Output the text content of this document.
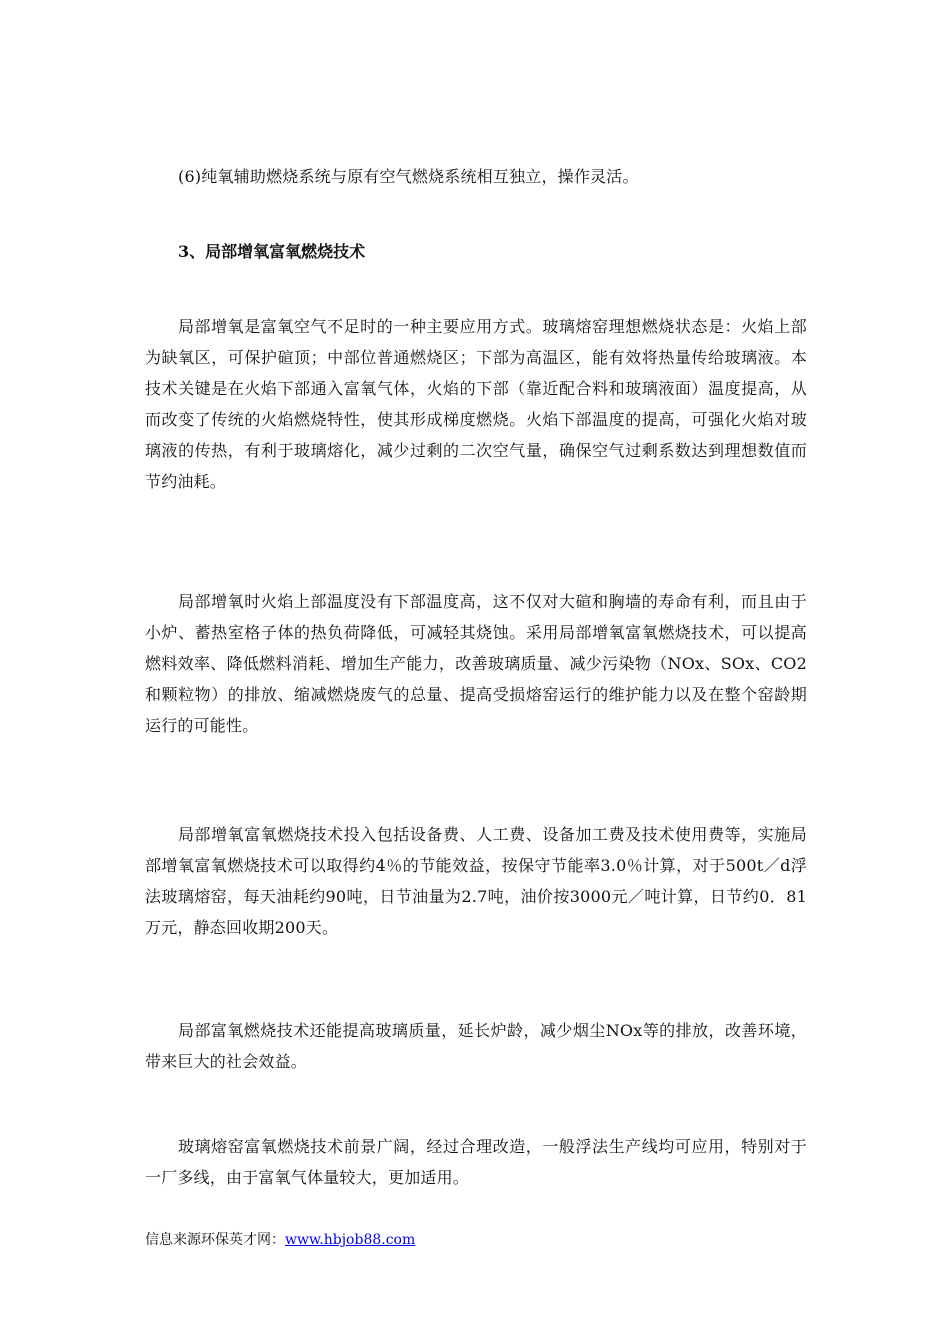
(6)纯氧辅助燃烧系统与原有空气燃烧系统相互独立，操作灵活。

3、局部增氧富氧燃烧技术

局部增氧是富氧空气不足时的一种主要应用方式。玻璃熔窑理想燃烧状态是：火焰上部为缺氧区，可保护碹顶；中部位普通燃烧区；下部为高温区，能有效将热量传给玻璃液。本技术关键是在火焰下部通入富氧气体，火焰的下部（靠近配合料和玻璃液面）温度提高，从而改变了传统的火焰燃烧特性，使其形成梯度燃烧。火焰下部温度的提高，可强化火焰对玻璃液的传热，有利于玻璃熔化，减少过剩的二次空气量，确保空气过剩系数达到理想数值而节约油耗。

局部增氧时火焰上部温度没有下部温度高，这不仅对大碹和胸墙的寿命有利，而且由于小炉、蓄热室格子体的热负荷降低，可减轻其烧蚀。采用局部增氧富氧燃烧技术，可以提高燃料效率、降低燃料消耗、增加生产能力，改善玻璃质量、减少污染物（NOx、SOx、CO2和颗粒物）的排放、缩减燃烧废气的总量、提高受损熔窑运行的维护能力以及在整个窑龄期运行的可能性。

局部增氧富氧燃烧技术投入包括设备费、人工费、设备加工费及技术使用费等，实施局部增氧富氧燃烧技术可以取得约4％的节能效益，按保守节能率3.0％计算，对于500t／d浮法玻璃熔窑，每天油耗约90吨，日节油量为2.7吨，油价按3000元／吨计算，日节约0．81万元，静态回收期200天。

局部富氧燃烧技术还能提高玻璃质量，延长炉龄，减少烟尘NOx等的排放，改善环境，带来巨大的社会效益。

玻璃熔窑富氧燃烧技术前景广阔，经过合理改造，一般浮法生产线均可应用，特别对于一厂多线，由于富氧气体量较大，更加适用。

信息来源环保英才网：www.hbjob88.com
